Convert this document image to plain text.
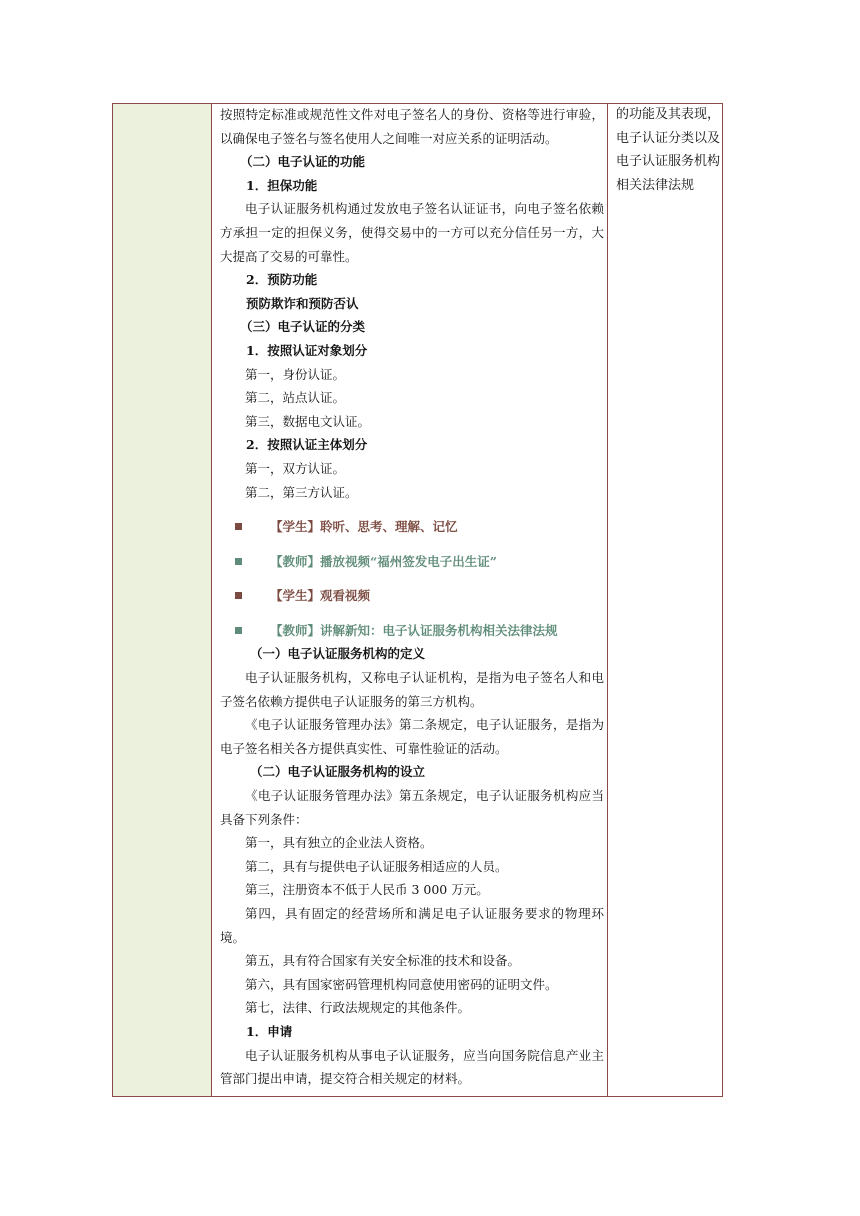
按照特定标准或规范性文件对电子签名人的身份、资格等进行审验，以确保电子签名与签名使用人之间唯一对应关系的证明活动。

（二）电子认证的功能

1．担保功能

电子认证服务机构通过发放电子签名认证证书，向电子签名依赖方承担一定的担保义务，使得交易中的一方可以充分信任另一方，大大提高了交易的可靠性。

2．预防功能

预防欺诈和预防否认

（三）电子认证的分类

1．按照认证对象划分

第一，身份认证。

第二，站点认证。

第三，数据电文认证。

2．按照认证主体划分

第一，双方认证。

第二，第三方认证。

【学生】聆听、思考、理解、记忆

【教师】播放视频“福州签发电子出生证”

【学生】观看视频

【教师】讲解新知：电子认证服务机构相关法律法规

（一）电子认证服务机构的定义

电子认证服务机构，又称电子认证机构，是指为电子签名人和电子签名依赖方提供电子认证服务的第三方机构。

《电子认证服务管理办法》第二条规定，电子认证服务，是指为电子签名相关各方提供真实性、可靠性验证的活动。

（二）电子认证服务机构的设立

《电子认证服务管理办法》第五条规定，电子认证服务机构应当具备下列条件：

第一，具有独立的企业法人资格。

第二，具有与提供电子认证服务相适应的人员。

第三，注册资本不低于人民币 3 000 万元。

第四，具有固定的经营场所和满足电子认证服务要求的物理环境。

第五，具有符合国家有关安全标准的技术和设备。

第六，具有国家密码管理机构同意使用密码的证明文件。

第七，法律、行政法规规定的其他条件。

1．申请

电子认证服务机构从事电子认证服务，应当向国务院信息产业主管部门提出申请，提交符合相关规定的材料。

的功能及其表现，电子认证分类以及电子认证服务机构相关法律法规
